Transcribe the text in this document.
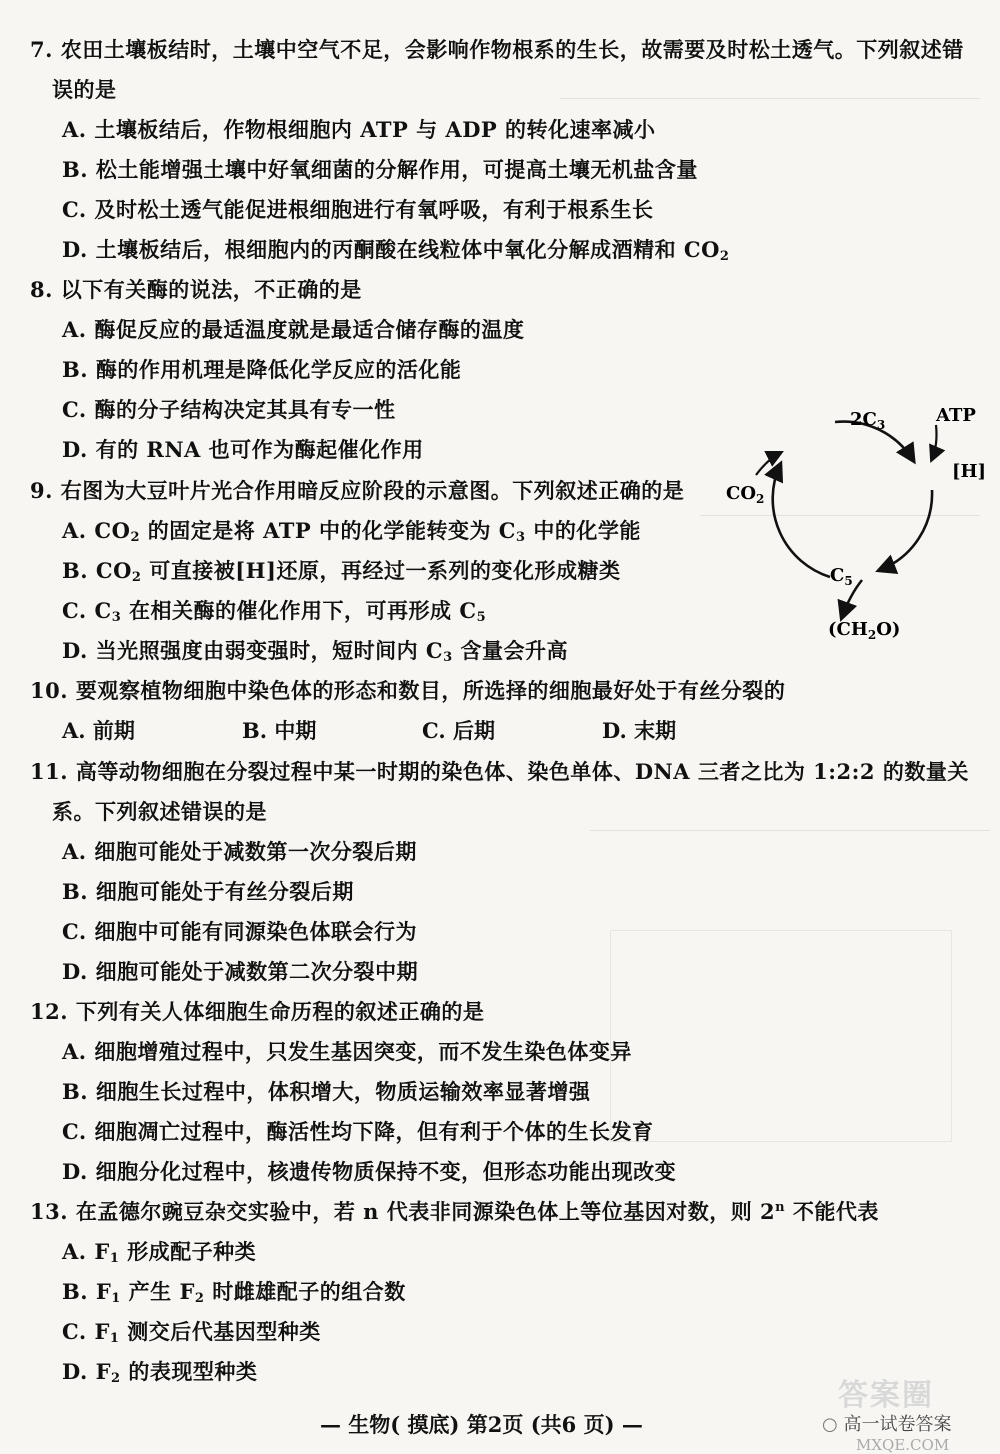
7. 农田土壤板结时，土壤中空气不足，会影响作物根系的生长，故需要及时松土透气。下列叙述错
误的是
A. 土壤板结后，作物根细胞内 ATP 与 ADP 的转化速率减小
B. 松土能增强土壤中好氧细菌的分解作用，可提高土壤无机盐含量
C. 及时松土透气能促进根细胞进行有氧呼吸，有利于根系生长
D. 土壤板结后，根细胞内的丙酮酸在线粒体中氧化分解成酒精和 $CO_2$
8. 以下有关酶的说法，不正确的是
A. 酶促反应的最适温度就是最适合储存酶的温度
B. 酶的作用机理是降低化学反应的活化能
C. 酶的分子结构决定其具有专一性
D. 有的 RNA 也可作为酶起催化作用
9. 右图为大豆叶片光合作用暗反应阶段的示意图。下列叙述正确的是
A. $CO_2$ 的固定是将 ATP 中的化学能转变为 $C_3$ 中的化学能
B. $CO_2$ 可直接被[H]还原，再经过一系列的变化形成糖类
C. $C_3$ 在相关酶的催化作用下，可再形成 $C_5$
D. 当光照强度由弱变强时，短时间内 $C_3$ 含量会升高
$2C_3$	ATP
[H]
$CO_2$
$C_5$
$(CH_2O)$
10. 要观察植物细胞中染色体的形态和数目，所选择的细胞最好处于有丝分裂的
A. 前期	B. 中期	C. 后期	D. 末期
11. 高等动物细胞在分裂过程中某一时期的染色体、染色单体、DNA 三者之比为 1:2:2 的数量关
系。下列叙述错误的是
A. 细胞可能处于减数第一次分裂后期
B. 细胞可能处于有丝分裂后期
C. 细胞中可能有同源染色体联会行为
D. 细胞可能处于减数第二次分裂中期
12. 下列有关人体细胞生命历程的叙述正确的是
A. 细胞增殖过程中，只发生基因突变，而不发生染色体变异
B. 细胞生长过程中，体积增大，物质运输效率显著增强
C. 细胞凋亡过程中，酶活性均下降，但有利于个体的生长发育
D. 细胞分化过程中，核遗传物质保持不变，但形态功能出现改变
13. 在孟德尔豌豆杂交实验中，若 n 代表非同源染色体上等位基因对数，则 2$^n$ 不能代表
A. $F_1$ 形成配子种类
B. $F_1$ 产生 $F_2$ 时雌雄配子的组合数
C. $F_1$ 测交后代基因型种类
D. $F_2$ 的表现型种类
— 生物( 摸底) 第2页 (共6 页) —
答案圈
○ 高一试卷答案
MXQE.COM
